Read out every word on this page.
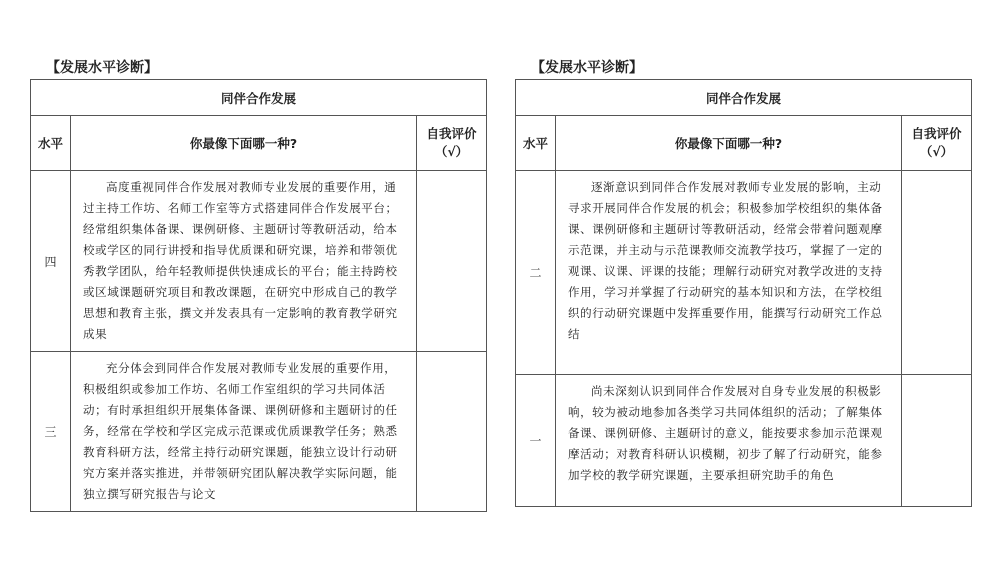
【发展水平诊断】
同伴合作发展		
水平	你最像下面哪一种?	自我评价
（√）

四	高度重视同伴合作发展对教师专业发展的重要作用，通过主持工作坊、名师工作室等方式搭建同伴合作发展平台；经常组织集体备课、课例研修、主题研讨等教研活动，给本校或学区的同行讲授和指导优质课和研究课，培养和带领优秀教学团队，给年轻教师提供快速成长的平台；能主持跨校或区域课题研究项目和教改课题，在研究中形成自己的教学思想和教育主张，撰文并发表具有一定影响的教育教学研究成果	
三	充分体会到同伴合作发展对教师专业发展的重要作用，积极组织或参加工作坊、名师工作室组织的学习共同体活动；有时承担组织开展集体备课、课例研修和主题研讨的任务，经常在学校和学区完成示范课或优质课教学任务；熟悉教育科研方法，经常主持行动研究课题，能独立设计行动研究方案并落实推进，并带领研究团队解决教学实际问题，能独立撰写研究报告与论文	
【发展水平诊断】
同伴合作发展		
水平	你最像下面哪一种?	自我评价
（√）

二	逐渐意识到同伴合作发展对教师专业发展的影响，主动寻求开展同伴合作发展的机会；积极参加学校组织的集体备课、课例研修和主题研讨等教研活动，经常会带着问题观摩示范课，并主动与示范课教师交流教学技巧，掌握了一定的观课、议课、评课的技能；理解行动研究对教学改进的支持作用，学习并掌握了行动研究的基本知识和方法，在学校组织的行动研究课题中发挥重要作用，能撰写行动研究工作总结	
一	尚未深刻认识到同伴合作发展对自身专业发展的积极影响，较为被动地参加各类学习共同体组织的活动；了解集体备课、课例研修、主题研讨的意义，能按要求参加示范课观摩活动；对教育科研认识模糊，初步了解了行动研究，能参加学校的教学研究课题，主要承担研究助手的角色	
